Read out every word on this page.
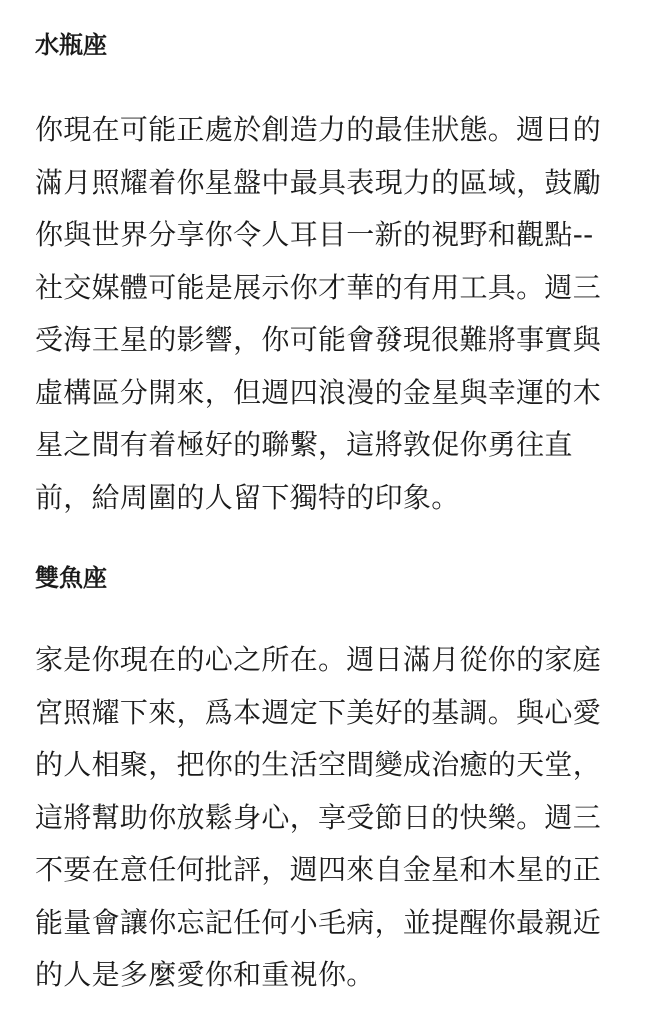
水瓶座

你現在可能正處於創造力的最佳狀態。週日的
滿月照耀着你星盤中最具表現力的區域，鼓勵
你與世界分享你令人耳目一新的視野和觀點--
社交媒體可能是展示你才華的有用工具。週三
受海王星的影響，你可能會發現很難將事實與
虛構區分開來，但週四浪漫的金星與幸運的木
星之間有着極好的聯繫，這將敦促你勇往直
前，給周圍的人留下獨特的印象。

雙魚座

家是你現在的心之所在。週日滿月從你的家庭
宮照耀下來，爲本週定下美好的基調。與心愛
的人相聚，把你的生活空間變成治癒的天堂，
這將幫助你放鬆身心，享受節日的快樂。週三
不要在意任何批評，週四來自金星和木星的正
能量會讓你忘記任何小毛病，並提醒你最親近
的人是多麼愛你和重視你。
